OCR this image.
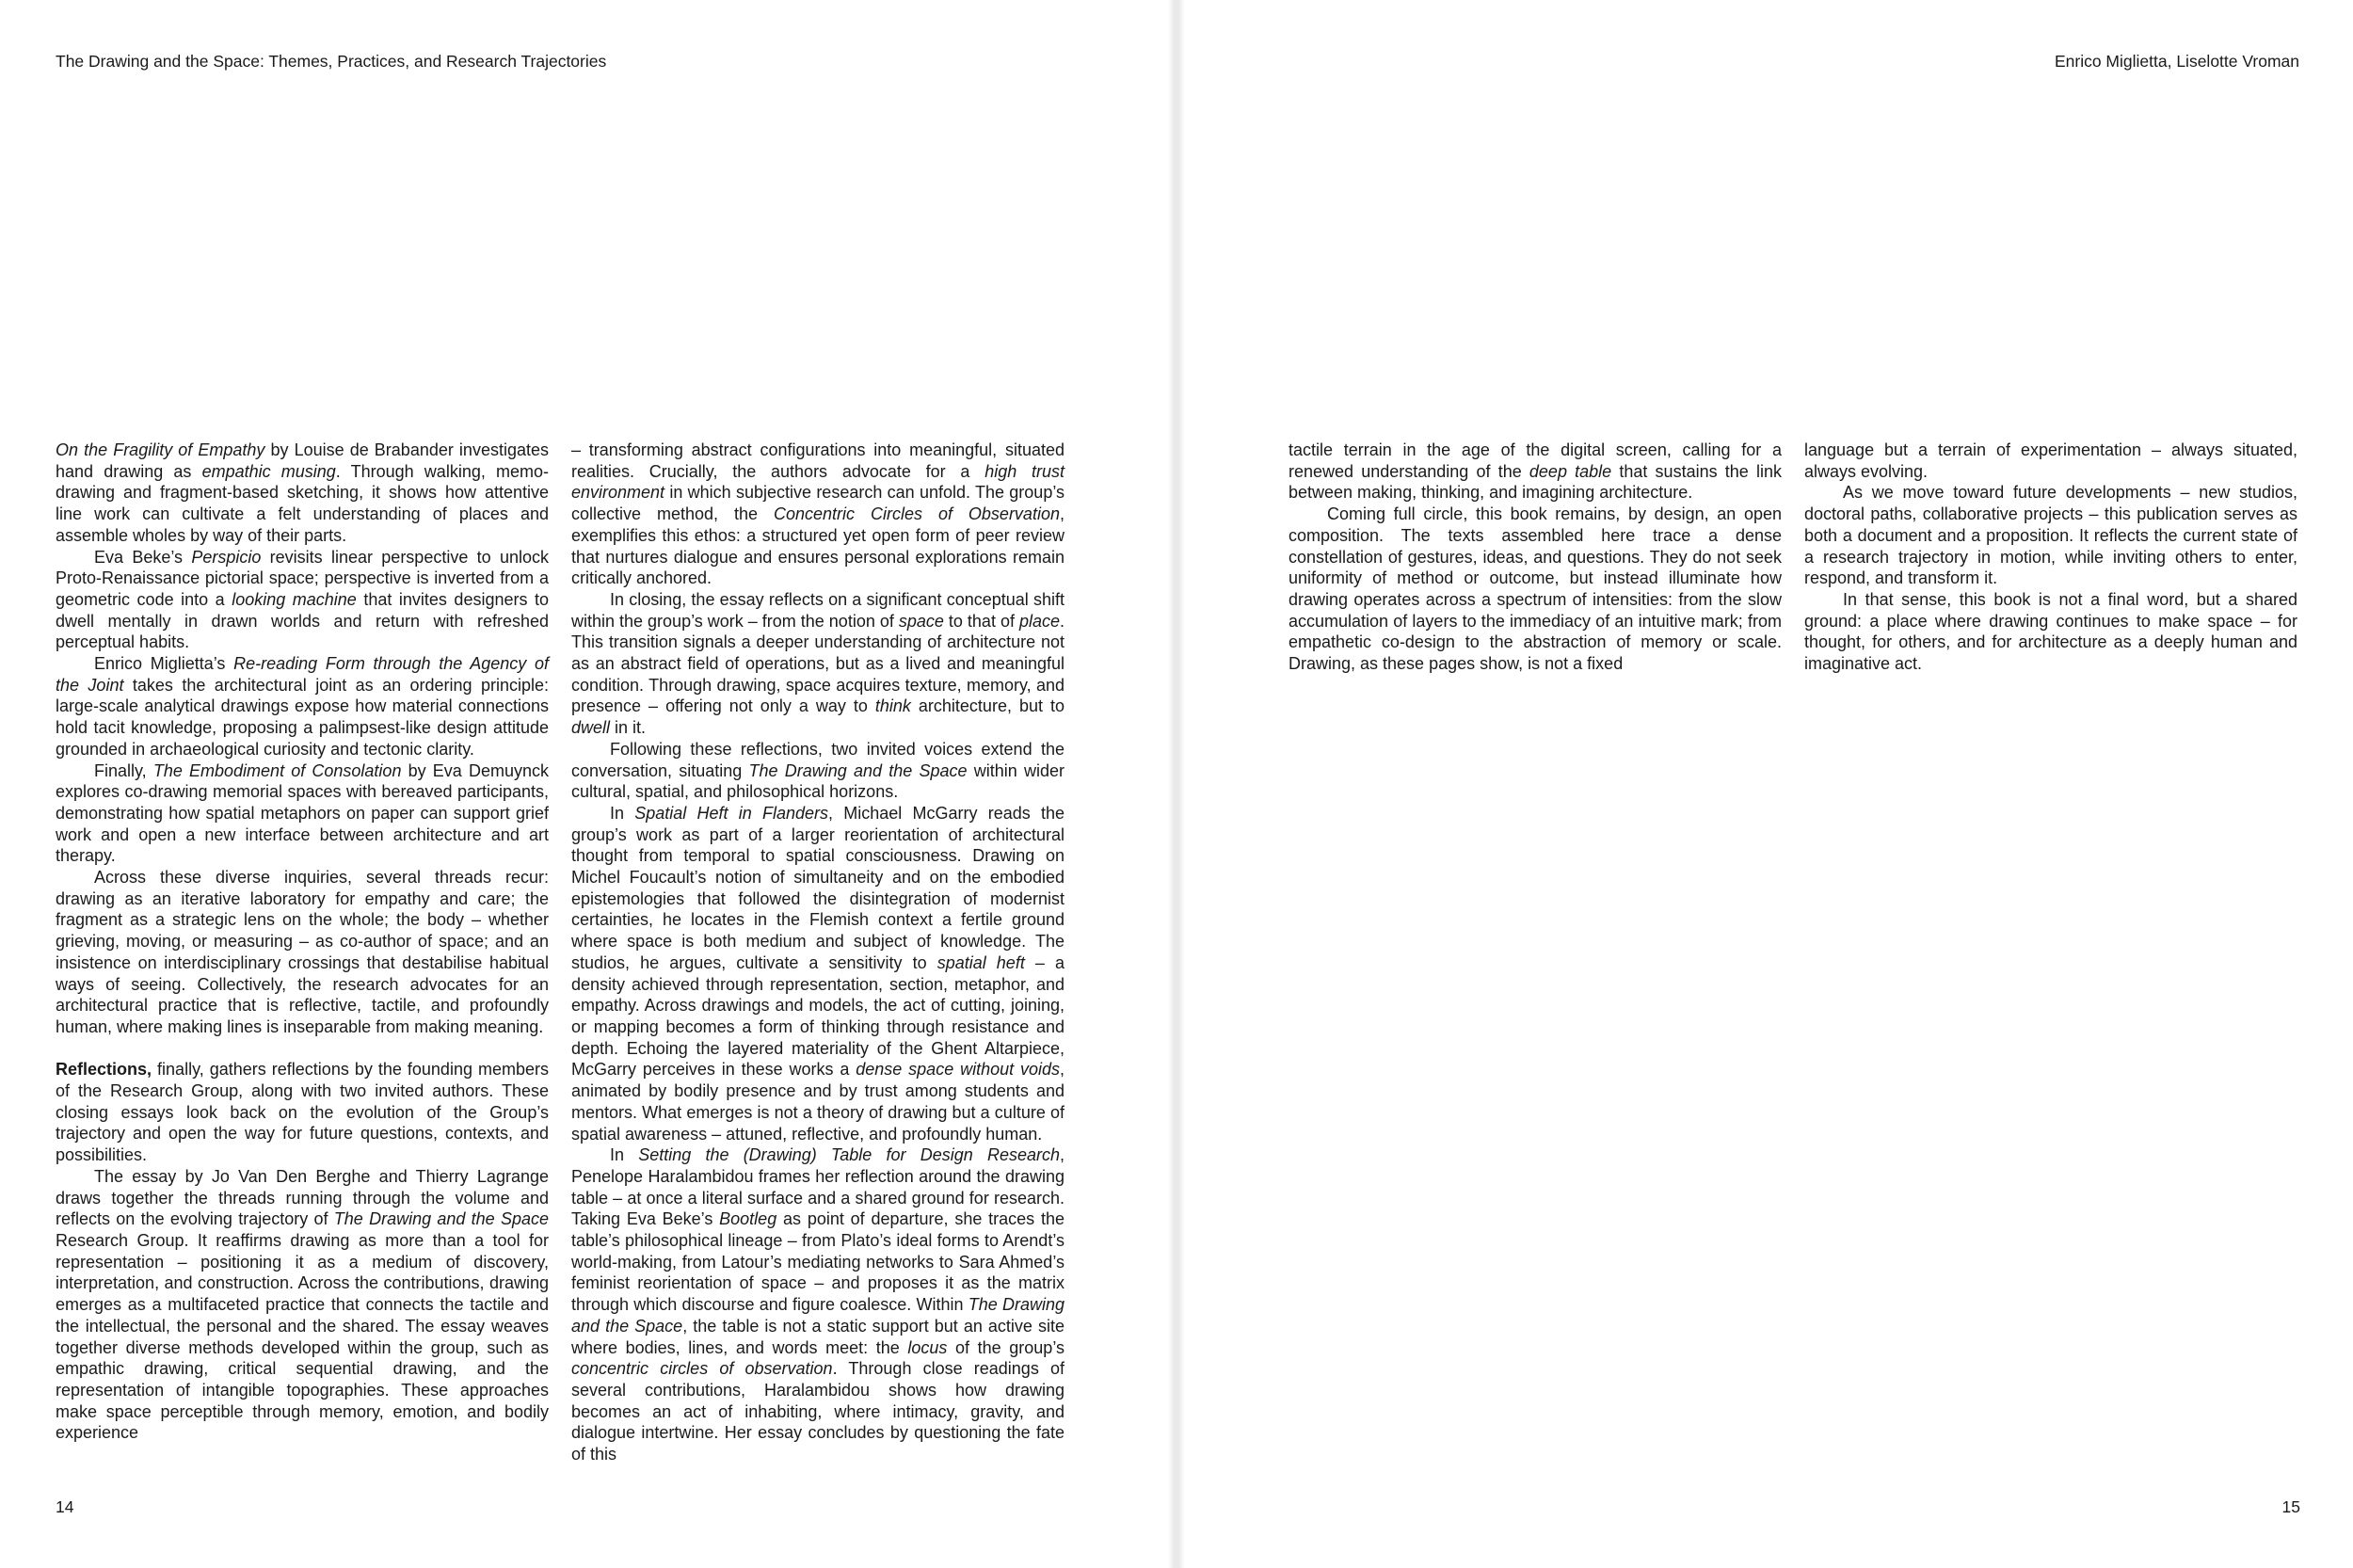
The Drawing and the Space: Themes, Practices, and Research Trajectories

On the Fragility of Empathy by Louise de Brabander investigates hand drawing as empathic musing. Through walking, memo-drawing and fragment-based sketching, it shows how attentive line work can cultivate a felt understanding of places and assemble wholes by way of their parts.

Eva Beke’s Perspicio revisits linear perspective to unlock Proto-Renaissance pictorial space; perspective is inverted from a geometric code into a looking machine that invites designers to dwell mentally in drawn worlds and return with refreshed perceptual habits.

Enrico Miglietta’s Re-reading Form through the Agency of the Joint takes the architectural joint as an ordering principle: large-scale analytical drawings expose how material connections hold tacit knowledge, proposing a palimpsest-like design attitude grounded in archaeological curiosity and tectonic clarity.

Finally, The Embodiment of Consolation by Eva Demuynck explores co-drawing memorial spaces with bereaved participants, demonstrating how spatial metaphors on paper can support grief work and open a new interface between architecture and art therapy.

Across these diverse inquiries, several threads recur: drawing as an iterative laboratory for empathy and care; the fragment as a strategic lens on the whole; the body – whether grieving, moving, or measuring – as co-author of space; and an insistence on interdisciplinary crossings that destabilise habitual ways of seeing. Collectively, the research advocates for an architectural practice that is reflective, tactile, and profoundly human, where making lines is inseparable from making meaning.

Reflections, finally, gathers reflections by the founding members of the Research Group, along with two invited authors. These closing essays look back on the evolution of the Group’s trajectory and open the way for future questions, contexts, and possibilities.

The essay by Jo Van Den Berghe and Thierry Lagrange draws together the threads running through the volume and reflects on the evolving trajectory of The Drawing and the Space Research Group. It reaffirms drawing as more than a tool for representation – positioning it as a medium of discovery, interpretation, and construction. Across the contributions, drawing emerges as a multifaceted practice that connects the tactile and the intellectual, the personal and the shared. The essay weaves together diverse methods developed within the group, such as empathic drawing, critical sequential drawing, and the representation of intangible topographies. These approaches make space perceptible through memory, emotion, and bodily experience

– transforming abstract configurations into meaningful, situated realities. Crucially, the authors advocate for a high trust environment in which subjective research can unfold. The group’s collective method, the Concentric Circles of Observation, exemplifies this ethos: a structured yet open form of peer review that nurtures dialogue and ensures personal explorations remain critically anchored.

In closing, the essay reflects on a significant conceptual shift within the group’s work – from the notion of space to that of place. This transition signals a deeper understanding of architecture not as an abstract field of operations, but as a lived and meaningful condition. Through drawing, space acquires texture, memory, and presence – offering not only a way to think architecture, but to dwell in it.

Following these reflections, two invited voices extend the conversation, situating The Drawing and the Space within wider cultural, spatial, and philosophical horizons.

In Spatial Heft in Flanders, Michael McGarry reads the group’s work as part of a larger reorientation of architectural thought from temporal to spatial consciousness. Drawing on Michel Foucault’s notion of simultaneity and on the embodied epistemologies that followed the disintegration of modernist certainties, he locates in the Flemish context a fertile ground where space is both medium and subject of knowledge. The studios, he argues, cultivate a sensitivity to spatial heft – a density achieved through representation, section, metaphor, and empathy. Across drawings and models, the act of cutting, joining, or mapping becomes a form of thinking through resistance and depth. Echoing the layered materiality of the Ghent Altarpiece, McGarry perceives in these works a dense space without voids, animated by bodily presence and by trust among students and mentors. What emerges is not a theory of drawing but a culture of spatial awareness – attuned, reflective, and profoundly human.

In Setting the (Drawing) Table for Design Research, Penelope Haralambidou frames her reflection around the drawing table – at once a literal surface and a shared ground for research. Taking Eva Beke’s Bootleg as point of departure, she traces the table’s philosophical lineage – from Plato’s ideal forms to Arendt’s world-making, from Latour’s mediating networks to Sara Ahmed’s feminist reorientation of space – and proposes it as the matrix through which discourse and figure coalesce. Within The Drawing and the Space, the table is not a static support but an active site where bodies, lines, and words meet: the locus of the group’s concentric circles of observation. Through close readings of several contributions, Haralambidou shows how drawing becomes an act of inhabiting, where intimacy, gravity, and dialogue intertwine. Her essay concludes by questioning the fate of this

14
Enrico Miglietta, Liselotte Vroman

tactile terrain in the age of the digital screen, calling for a renewed understanding of the deep table that sustains the link between making, thinking, and imagining architecture.

Coming full circle, this book remains, by design, an open composition. The texts assembled here trace a dense constellation of gestures, ideas, and questions. They do not seek uniformity of method or outcome, but instead illuminate how drawing operates across a spectrum of intensities: from the slow accumulation of layers to the immediacy of an intuitive mark; from empathetic co-design to the abstraction of memory or scale. Drawing, as these pages show, is not a fixed

language but a terrain of experimentation – always situated, always evolving.

As we move toward future developments – new studios, doctoral paths, collaborative projects – this publication serves as both a document and a proposition. It reflects the current state of a research trajectory in motion, while inviting others to enter, respond, and transform it.

In that sense, this book is not a final word, but a shared ground: a place where drawing continues to make space – for thought, for others, and for architecture as a deeply human and imaginative act.

15
